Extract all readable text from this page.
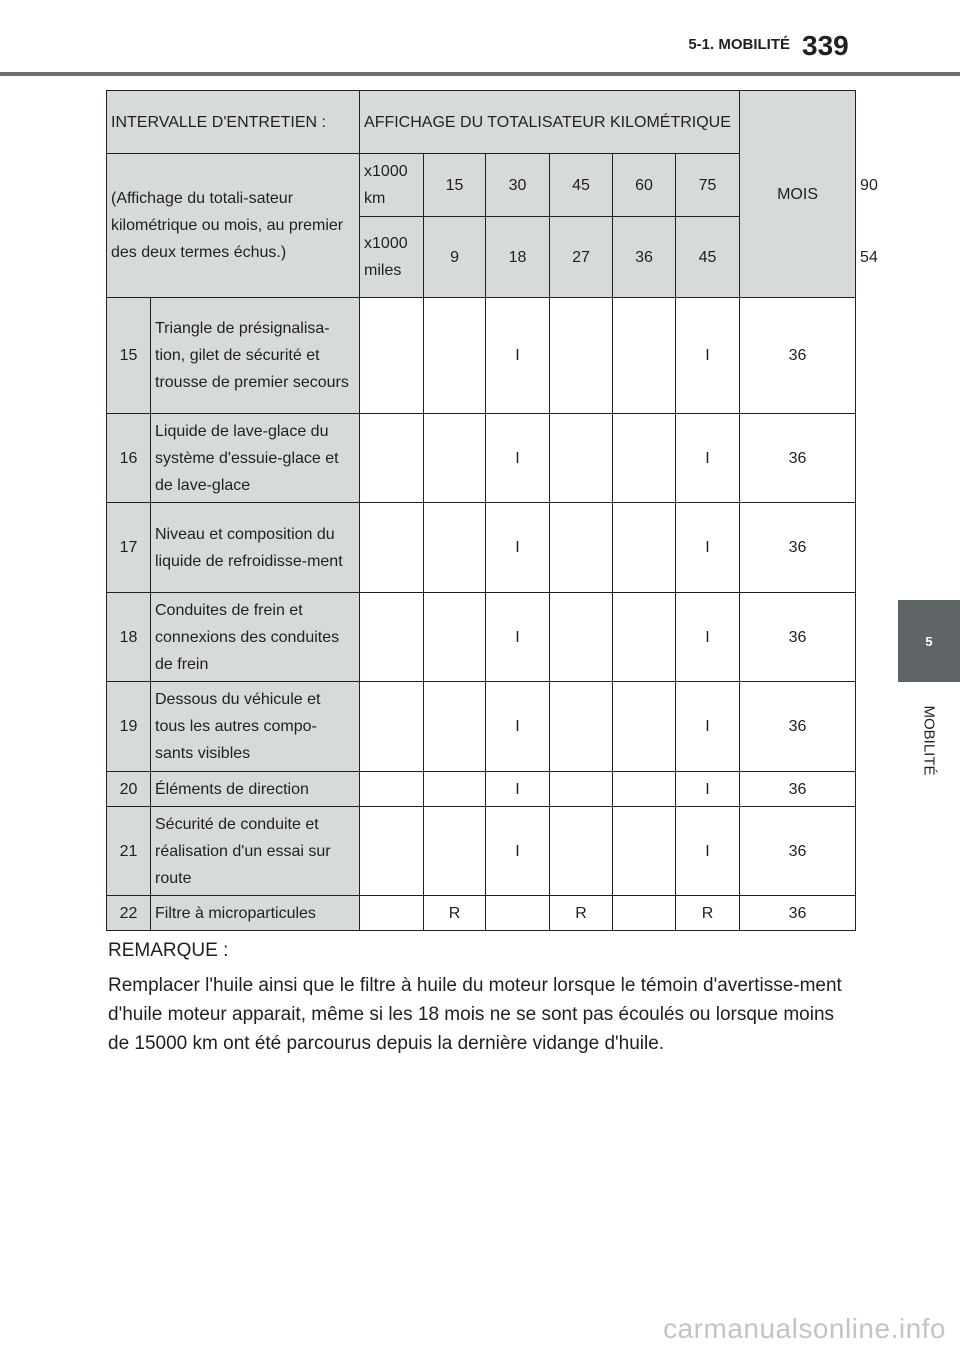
5-1. MOBILITÉ 339
5
MOBILITÉ
INTERVALLE D'ENTRETIEN :		AFFICHAGE DU TOTALISATEUR KILOMÉTRIQUE						MOIS	
(Affichage du totali-sateur kilométrique ou mois, au premier des deux termes échus.)		x1000 km	15	30	45	60	75		90
		x1000 miles	9	18	27	36	45		54
15	Triangle de présignalisa-tion, gilet de sécurité et trousse de premier secours			I			I	36	
16	Liquide de lave-glace du système d'essuie-glace et de lave-glace			I			I	36	
17	Niveau et composition du liquide de refroidisse-ment			I			I	36	
18	Conduites de frein et connexions des conduites de frein			I			I	36	
19	Dessous du véhicule et tous les autres compo-sants visibles			I			I	36	
20	Éléments de direction			I			I	36	
21	Sécurité de conduite et réalisation d'un essai sur route			I			I	36	
22	Filtre à microparticules		R		R		R	36	

REMARQUE :

Remplacer l'huile ainsi que le filtre à huile du moteur lorsque le témoin d'avertisse-ment d'huile moteur apparait, même si les 18 mois ne se sont pas écoulés ou lorsque moins de 15000 km ont été parcourus depuis la dernière vidange d'huile.

carmanualsonline.info
